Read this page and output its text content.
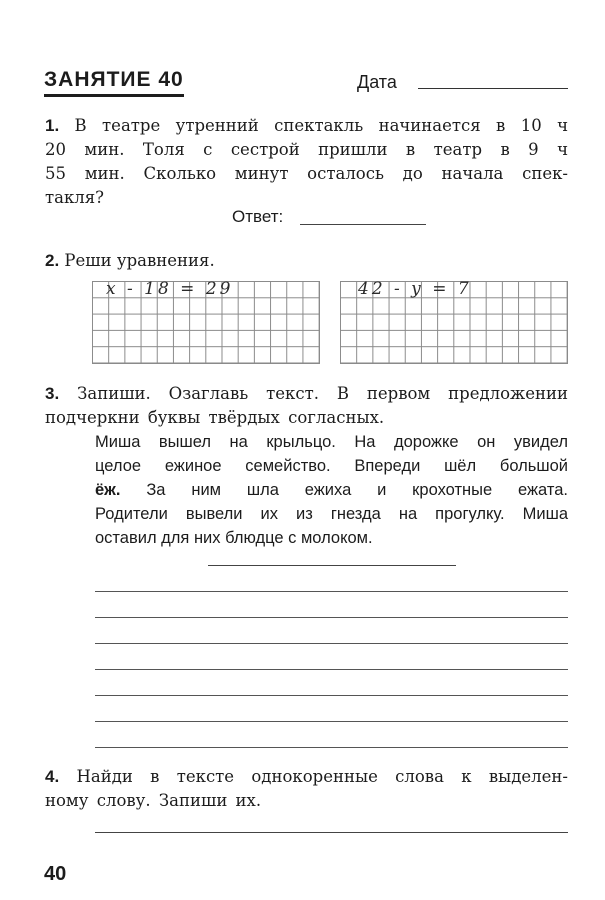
ЗАНЯТИЕ 40	Дата
1. В театре утренний спектакль начинается в 10 ч
20 мин. Толя с сестрой пришли в театр в 9 ч
55 мин. Сколько минут осталось до начала спек-
такля?
Ответ:
2. Реши уравнения.
x - 18 = 29	42 - y = 7
3. Запиши. Озаглавь текст. В первом предложении
подчеркни буквы твёрдых согласных.
Миша вышел на крыльцо. На дорожке он увидел
целое ежиное семейство. Впереди шёл большой
ёж. За ним шла ежиха и крохотные ежата.
Родители вывели их из гнезда на прогулку. Миша
оставил для них блюдце с молоком.
4. Найди в тексте однокоренные слова к выделен-
ному слову. Запиши их.
40
